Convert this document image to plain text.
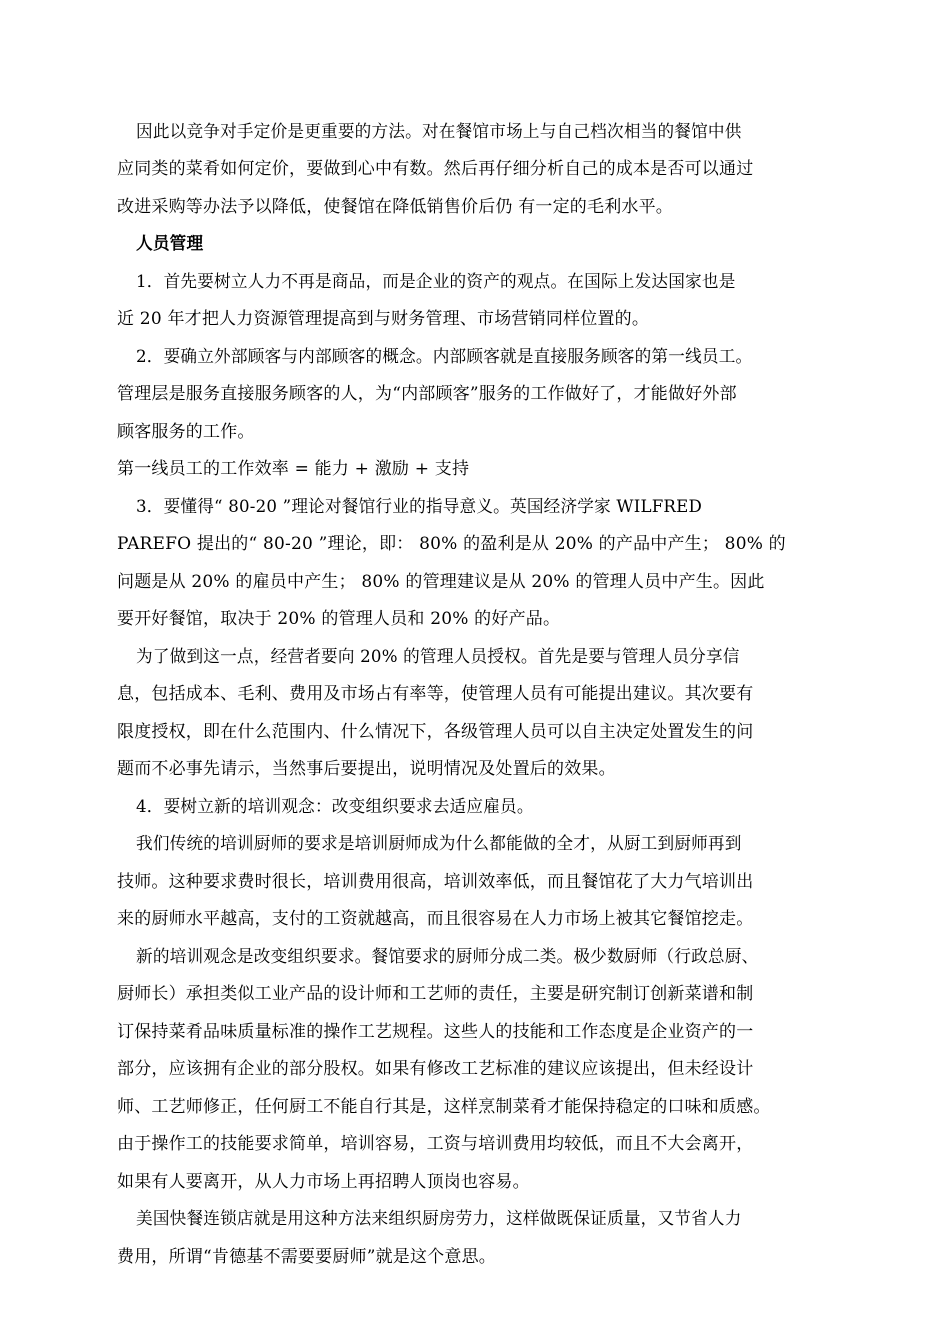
因此以竞争对手定价是更重要的方法。对在餐馆市场上与自己档次相当的餐馆中供
应同类的菜肴如何定价，要做到心中有数。然后再仔细分析自己的成本是否可以通过
改进采购等办法予以降低，使餐馆在降低销售价后仍 有一定的毛利水平。
人员管理
1．首先要树立人力不再是商品，而是企业的资产的观点。在国际上发达国家也是
近 20 年才把人力资源管理提高到与财务管理、市场营销同样位置的。
2．要确立外部顾客与内部顾客的概念。内部顾客就是直接服务顾客的第一线员工。
管理层是服务直接服务顾客的人，为“内部顾客”服务的工作做好了，才能做好外部
顾客服务的工作。
第一线员工的工作效率 = 能力 + 激励 + 支持
3．要懂得“ 80-20 ”理论对餐馆行业的指导意义。英国经济学家 WILFRED
PAREFO 提出的“ 80-20 ”理论，即： 80% 的盈利是从 20% 的产品中产生； 80% 的
问题是从 20% 的雇员中产生； 80% 的管理建议是从 20% 的管理人员中产生。因此
要开好餐馆，取决于 20% 的管理人员和 20% 的好产品。
为了做到这一点，经营者要向 20% 的管理人员授权。首先是要与管理人员分享信
息，包括成本、毛利、费用及市场占有率等，使管理人员有可能提出建议。其次要有
限度授权，即在什么范围内、什么情况下，各级管理人员可以自主决定处置发生的问
题而不必事先请示，当然事后要提出，说明情况及处置后的效果。
4．要树立新的培训观念：改变组织要求去适应雇员。
我们传统的培训厨师的要求是培训厨师成为什么都能做的全才，从厨工到厨师再到
技师。这种要求费时很长，培训费用很高，培训效率低，而且餐馆花了大力气培训出
来的厨师水平越高，支付的工资就越高，而且很容易在人力市场上被其它餐馆挖走。
新的培训观念是改变组织要求。餐馆要求的厨师分成二类。极少数厨师（行政总厨、
厨师长）承担类似工业产品的设计师和工艺师的责任，主要是研究制订创新菜谱和制
订保持菜肴品味质量标准的操作工艺规程。这些人的技能和工作态度是企业资产的一
部分，应该拥有企业的部分股权。如果有修改工艺标准的建议应该提出，但未经设计
师、工艺师修正，任何厨工不能自行其是，这样烹制菜肴才能保持稳定的口味和质感。
由于操作工的技能要求简单，培训容易，工资与培训费用均较低，而且不大会离开，
如果有人要离开，从人力市场上再招聘人顶岗也容易。
美国快餐连锁店就是用这种方法来组织厨房劳力，这样做既保证质量，又节省人力
费用，所谓“肯德基不需要要厨师”就是这个意思。
